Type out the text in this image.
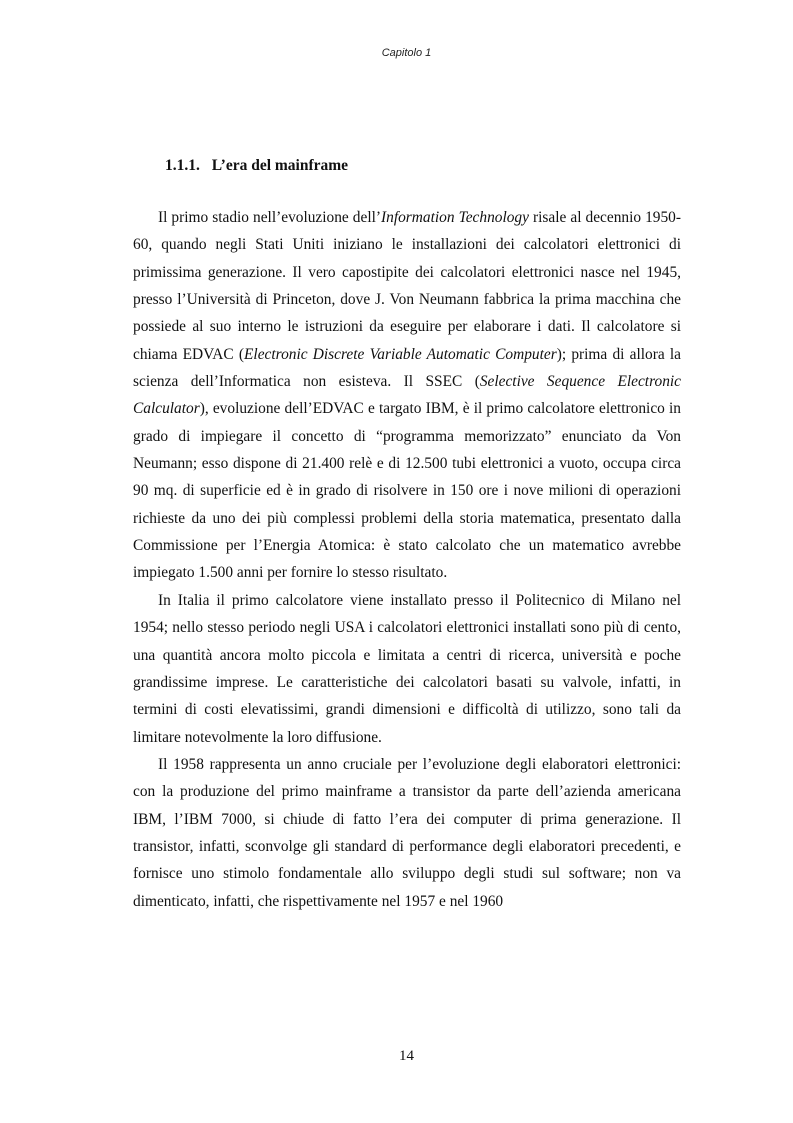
Capitolo 1
1.1.1. L’era del mainframe

Il primo stadio nell’evoluzione dell’Information Technology risale al decennio 1950-60, quando negli Stati Uniti iniziano le installazioni dei calcolatori elettronici di primissima generazione. Il vero capostipite dei calcolatori elettronici nasce nel 1945, presso l’Università di Princeton, dove J. Von Neumann fabbrica la prima macchina che possiede al suo interno le istruzioni da eseguire per elaborare i dati. Il calcolatore si chiama EDVAC (Electronic Discrete Variable Automatic Computer); prima di allora la scienza dell’Informatica non esisteva. Il SSEC (Selective Sequence Electronic Calculator), evoluzione dell’EDVAC e targato IBM, è il primo calcolatore elettronico in grado di impiegare il concetto di “programma memorizzato” enunciato da Von Neumann; esso dispone di 21.400 relè e di 12.500 tubi elettronici a vuoto, occupa circa 90 mq. di superficie ed è in grado di risolvere in 150 ore i nove milioni di operazioni richieste da uno dei più complessi problemi della storia matematica, presentato dalla Commissione per l’Energia Atomica: è stato calcolato che un matematico avrebbe impiegato 1.500 anni per fornire lo stesso risultato.

In Italia il primo calcolatore viene installato presso il Politecnico di Milano nel 1954; nello stesso periodo negli USA i calcolatori elettronici installati sono più di cento, una quantità ancora molto piccola e limitata a centri di ricerca, università e poche grandissime imprese. Le caratteristiche dei calcolatori basati su valvole, infatti, in termini di costi elevatissimi, grandi dimensioni e difficoltà di utilizzo, sono tali da limitare notevolmente la loro diffusione.

Il 1958 rappresenta un anno cruciale per l’evoluzione degli elaboratori elettronici: con la produzione del primo mainframe a transistor da parte dell’azienda americana IBM, l’IBM 7000, si chiude di fatto l’era dei computer di prima generazione. Il transistor, infatti, sconvolge gli standard di performance degli elaboratori precedenti, e fornisce uno stimolo fondamentale allo sviluppo degli studi sul software; non va dimenticato, infatti, che rispettivamente nel 1957 e nel 1960

14
